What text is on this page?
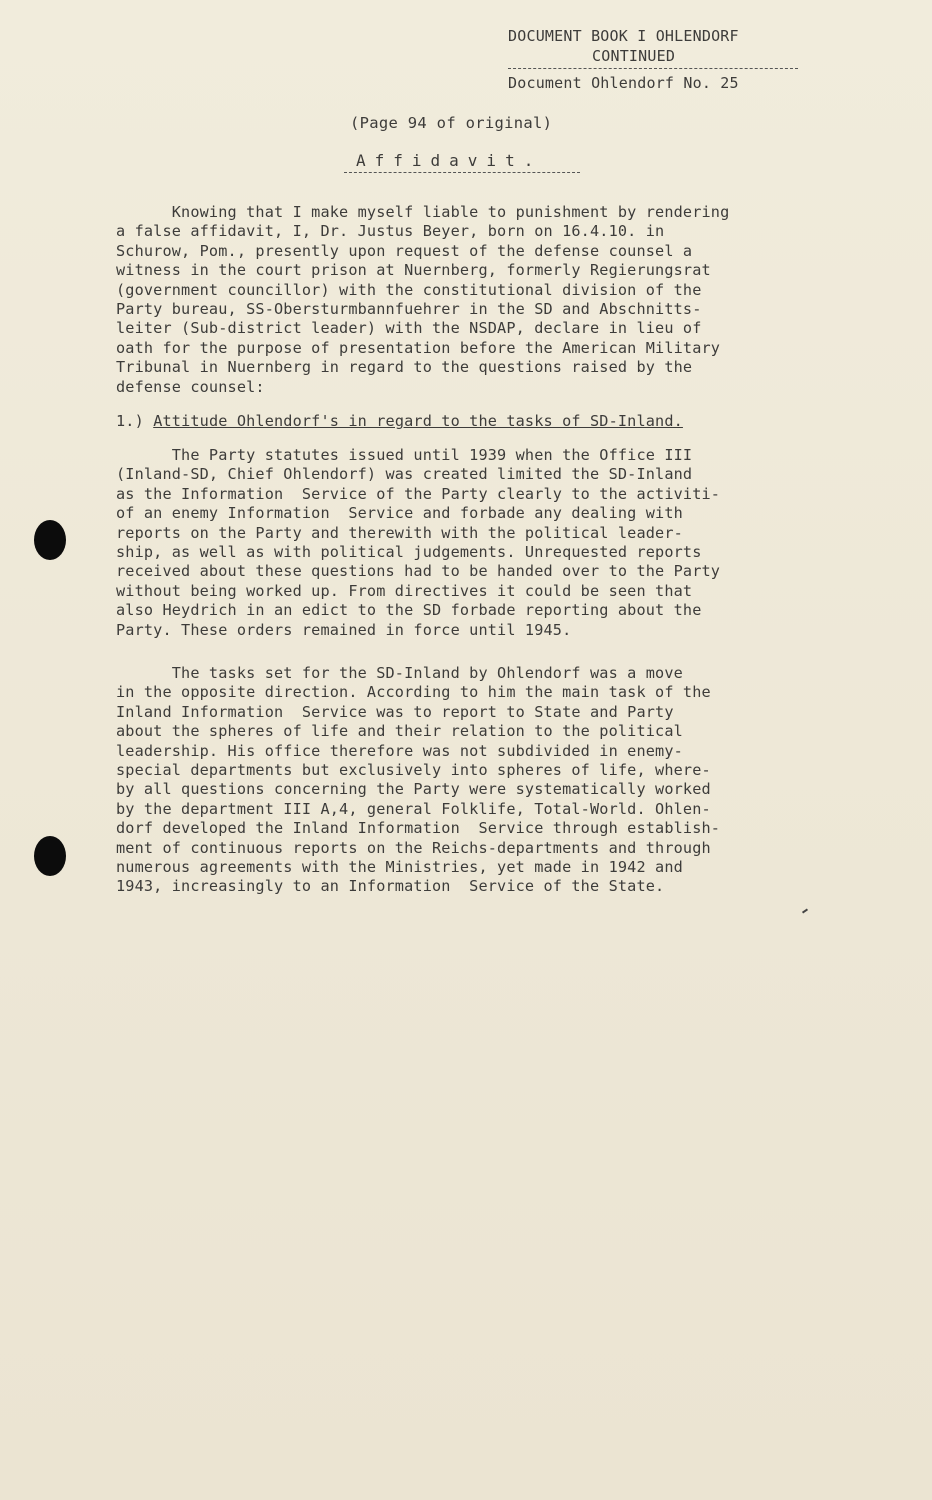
DOCUMENT BOOK I OHLENDORF
CONTINUED
Document Ohlendorf No. 25
(Page 94 of original)
Affidavit.
Knowing that I make myself liable to punishment by rendering
a false affidavit, I, Dr. Justus Beyer, born on 16.4.10. in
Schurow, Pom., presently upon request of the defense counsel a
witness in the court prison at Nuernberg, formerly Regierungsrat
(government councillor) with the constitutional division of the
Party bureau, SS-Obersturmbannfuehrer in the SD and Abschnitts-
leiter (Sub-district leader) with the NSDAP, declare in lieu of
oath for the purpose of presentation before the American Military
Tribunal in Nuernberg in regard to the questions raised by the
defense counsel:
1.) Attitude Ohlendorf's in regard to the tasks of SD-Inland.
The Party statutes issued until 1939 when the Office III
(Inland-SD, Chief Ohlendorf) was created limited the SD-Inland
as the Information  Service of the Party clearly to the activiti-
of an enemy Information  Service and forbade any dealing with
reports on the Party and therewith with the political leader-
ship, as well as with political judgements. Unrequested reports
received about these questions had to be handed over to the Party
without being worked up. From directives it could be seen that
also Heydrich in an edict to the SD forbade reporting about the
Party. These orders remained in force until 1945.
The tasks set for the SD-Inland by Ohlendorf was a move
in the opposite direction. According to him the main task of the
Inland Information  Service was to report to State and Party
about the spheres of life and their relation to the political
leadership. His office therefore was not subdivided in enemy-
special departments but exclusively into spheres of life, where-
by all questions concerning the Party were systematically worked
by the department III A,4, general Folklife, Total-World. Ohlen-
dorf developed the Inland Information  Service through establish-
ment of continuous reports on the Reichs-departments and through
numerous agreements with the Ministries, yet made in 1942 and
1943, increasingly to an Information  Service of the State.
